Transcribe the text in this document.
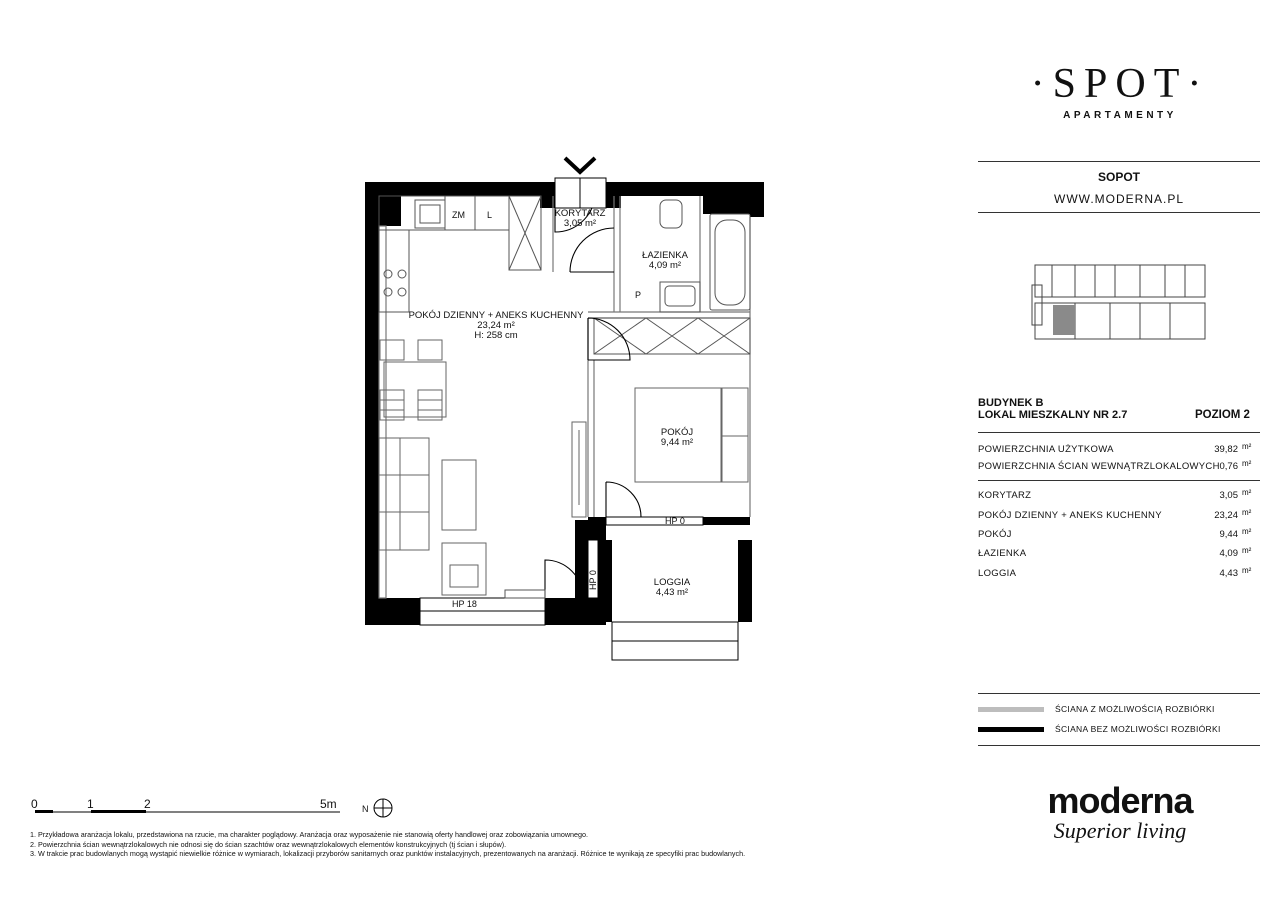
POKÓJ DZIENNY + ANEKS KUCHENNY
23,24 m²
H: 258 cm
KORYTARZ
3,05 m²
ŁAZIENKA
4,09 m²
POKÓJ
9,44 m²
LOGGIA
4,43 m²
ZM L
P
HP 0
HP 0
HP 18
N
0	1	2	5m
1. Przykładowa aranżacja lokalu, przedstawiona na rzucie, ma charakter poglądowy. Aranżacja oraz wyposażenie nie stanowią oferty handlowej oraz zobowiązania umownego.
2. Powierzchnia ścian wewnątrzlokalowych nie odnosi się do ścian szachtów oraz wewnątrzlokalowych elementów konstrukcyjnych (tj ścian i słupów).
3. W trakcie prac budowlanych mogą wystąpić niewielkie różnice w wymiarach, lokalizacji przyborów sanitarnych oraz punktów instalacyjnych, prezentowanych na aranżacji. Różnice te wynikają ze specyfiki prac budowlanych.
·SPOT·
APARTAMENTY
SOPOT
WWW.MODERNA.PL
BUDYNEK B
LOKAL MIESZKALNY NR 2.7	POZIOM 2
POWIERZCHNIA UŻYTKOWA	39,82 m²
POWIERZCHNIA ŚCIAN WEWNĄTRZLOKALOWYCH 0,76 m²
KORYTARZ	3,05 m²
POKÓJ DZIENNY + ANEKS KUCHENNY	23,24 m²
POKÓJ	9,44 m²
ŁAZIENKA	4,09 m²
LOGGIA	4,43 m²
ŚCIANA Z MOŻLIWOŚCIĄ ROZBIÓRKI
ŚCIANA BEZ MOŻLIWOŚCI ROZBIÓRKI
moderna
Superior living
